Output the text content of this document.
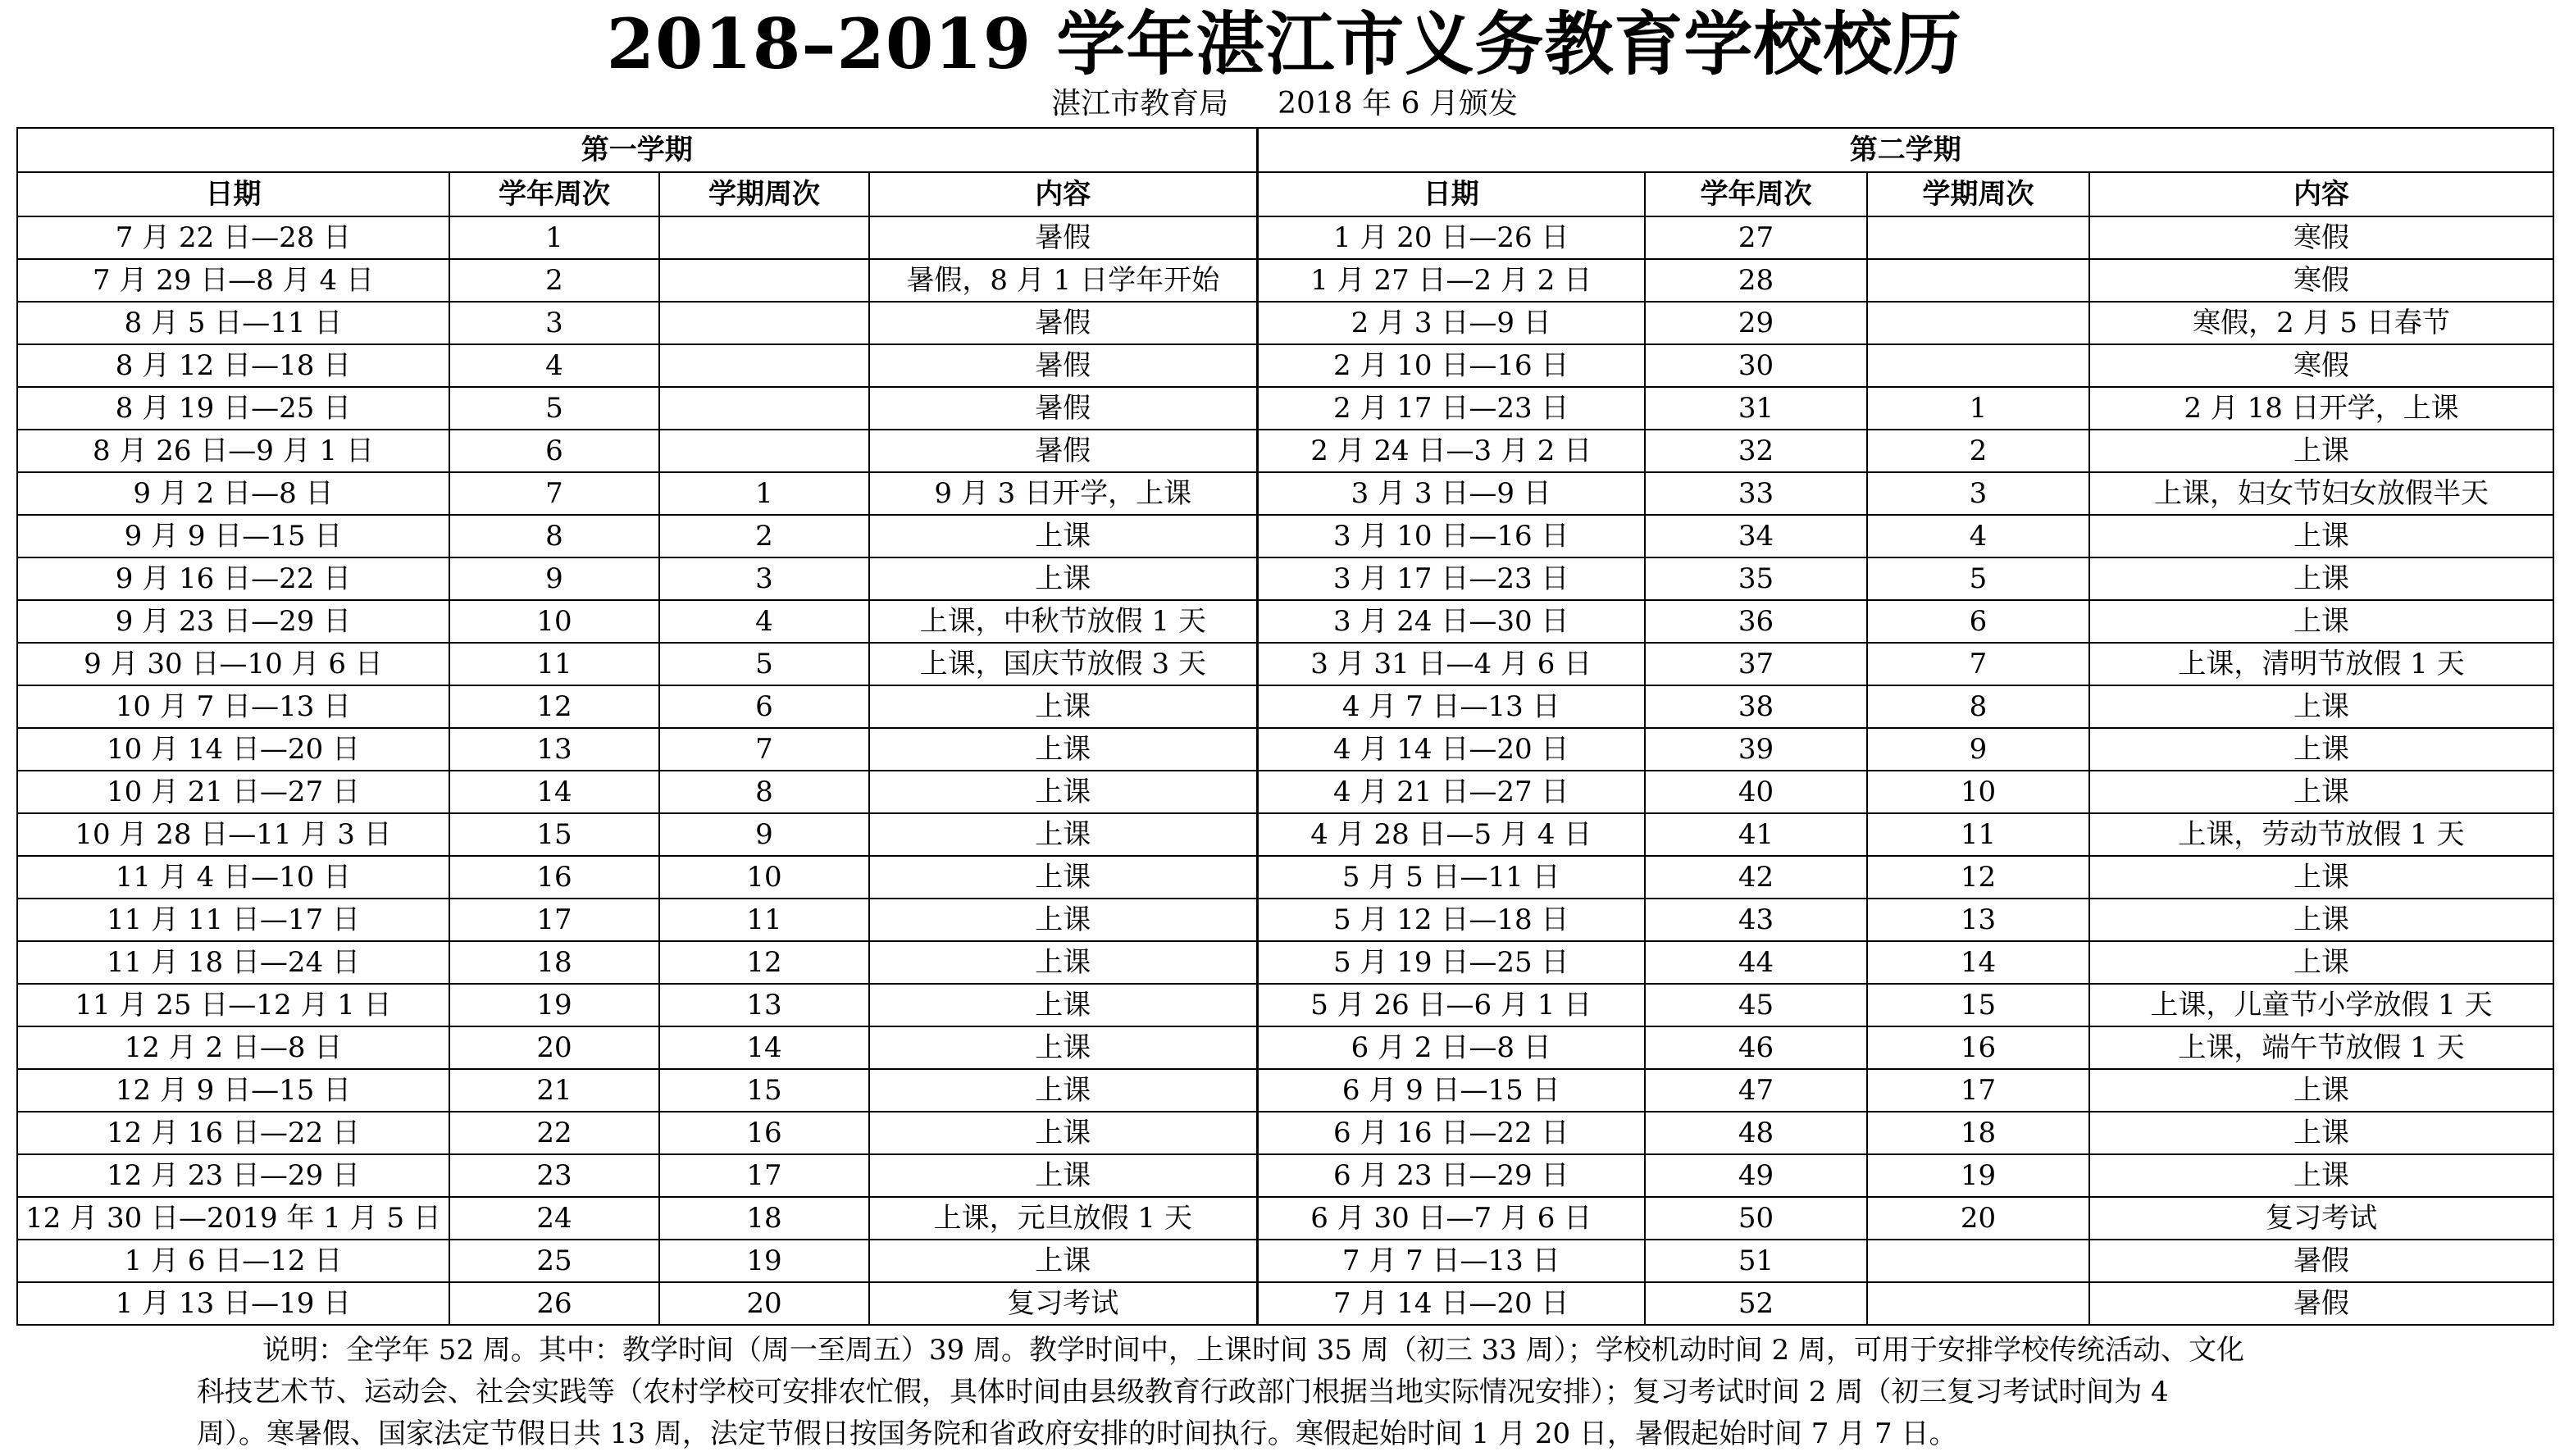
2018–2019 学年湛江市义务教育学校校历
湛江市教育局 2018 年 6 月颁发
第一学期				第二学期			
日期	学年周次	学期周次	内容	日期	学年周次	学期周次	内容
7 月 22 日—28 日	1		暑假	1 月 20 日—26 日	27		寒假
7 月 29 日—8 月 4 日	2		暑假，8 月 1 日学年开始	1 月 27 日—2 月 2 日	28		寒假
8 月 5 日—11 日	3		暑假	2 月 3 日—9 日	29		寒假，2 月 5 日春节
8 月 12 日—18 日	4		暑假	2 月 10 日—16 日	30		寒假
8 月 19 日—25 日	5		暑假	2 月 17 日—23 日	31	1	2 月 18 日开学，上课
8 月 26 日—9 月 1 日	6		暑假	2 月 24 日—3 月 2 日	32	2	上课
9 月 2 日—8 日	7	1	9 月 3 日开学，上课	3 月 3 日—9 日	33	3	上课，妇女节妇女放假半天
9 月 9 日—15 日	8	2	上课	3 月 10 日—16 日	34	4	上课
9 月 16 日—22 日	9	3	上课	3 月 17 日—23 日	35	5	上课
9 月 23 日—29 日	10	4	上课，中秋节放假 1 天	3 月 24 日—30 日	36	6	上课
9 月 30 日—10 月 6 日	11	5	上课，国庆节放假 3 天	3 月 31 日—4 月 6 日	37	7	上课，清明节放假 1 天
10 月 7 日—13 日	12	6	上课	4 月 7 日—13 日	38	8	上课
10 月 14 日—20 日	13	7	上课	4 月 14 日—20 日	39	9	上课
10 月 21 日—27 日	14	8	上课	4 月 21 日—27 日	40	10	上课
10 月 28 日—11 月 3 日	15	9	上课	4 月 28 日—5 月 4 日	41	11	上课，劳动节放假 1 天
11 月 4 日—10 日	16	10	上课	5 月 5 日—11 日	42	12	上课
11 月 11 日—17 日	17	11	上课	5 月 12 日—18 日	43	13	上课
11 月 18 日—24 日	18	12	上课	5 月 19 日—25 日	44	14	上课
11 月 25 日—12 月 1 日	19	13	上课	5 月 26 日—6 月 1 日	45	15	上课，儿童节小学放假 1 天
12 月 2 日—8 日	20	14	上课	6 月 2 日—8 日	46	16	上课，端午节放假 1 天
12 月 9 日—15 日	21	15	上课	6 月 9 日—15 日	47	17	上课
12 月 16 日—22 日	22	16	上课	6 月 16 日—22 日	48	18	上课
12 月 23 日—29 日	23	17	上课	6 月 23 日—29 日	49	19	上课
12 月 30 日—2019 年 1 月 5 日	24	18	上课，元旦放假 1 天	6 月 30 日—7 月 6 日	50	20	复习考试
1 月 6 日—12 日	25	19	上课	7 月 7 日—13 日	51		暑假
1 月 13 日—19 日	26	20	复习考试	7 月 14 日—20 日	52		暑假
说明：全学年 52 周。其中：教学时间（周一至周五）39 周。教学时间中，上课时间 35 周（初三 33 周）；学校机动时间 2 周，可用于安排学校传统活动、文化
科技艺术节、运动会、社会实践等（农村学校可安排农忙假，具体时间由县级教育行政部门根据当地实际情况安排）；复习考试时间 2 周（初三复习考试时间为 4
周）。寒暑假、国家法定节假日共 13 周，法定节假日按国务院和省政府安排的时间执行。寒假起始时间 1 月 20 日，暑假起始时间 7 月 7 日。
